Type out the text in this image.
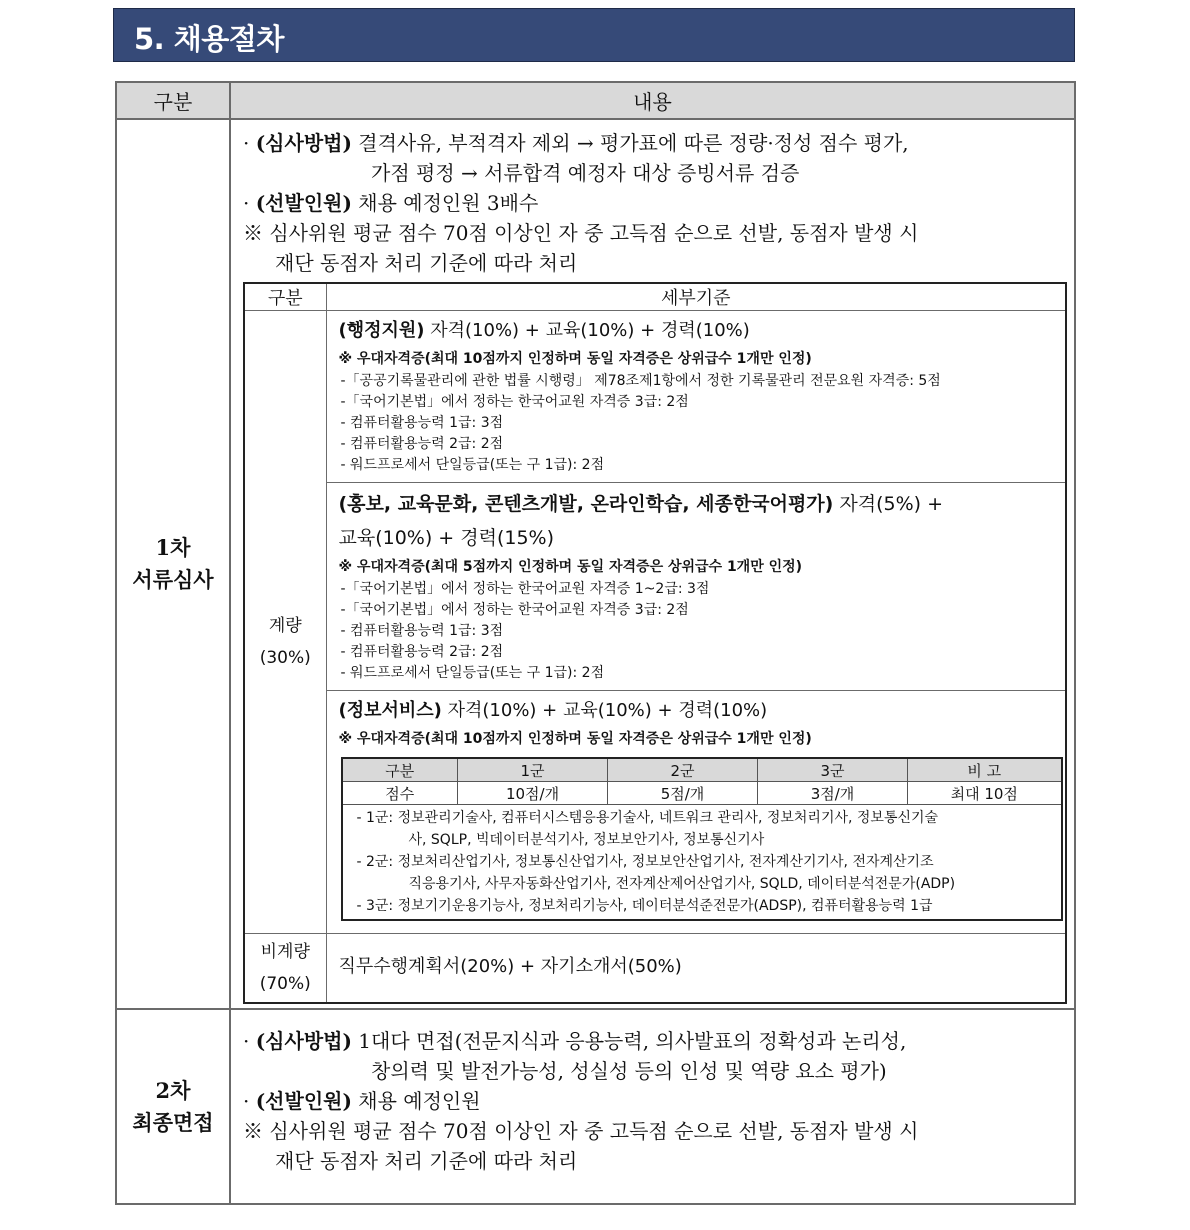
5. 채용절차
구분	내용

1차
서류심사

· (심사방법) 결격사유, 부적격자 제외 → 평가표에 따른 정량·정성 점수 평가,
가점 평정 → 서류합격 예정자 대상 증빙서류 검증
· (선발인원) 채용 예정인원 3배수
※ 심사위원 평균 점수 70점 이상인 자 중 고득점 순으로 선발, 동점자 발생 시
재단 동점자 처리 기준에 따라 처리
구분	세부기준

계량
(30%)

(행정지원) 자격(10%) + 교육(10%) + 경력(10%)
※ 우대자격증(최대 10점까지 인정하며 동일 자격증은 상위급수 1개만 인정)
-「공공기록물관리에 관한 법률 시행령」 제78조제1항에서 정한 기록물관리 전문요원 자격증: 5점
-「국어기본법」에서 정하는 한국어교원 자격증 3급: 2점
- 컴퓨터활용능력 1급: 3점
- 컴퓨터활용능력 2급: 2점
- 워드프로세서 단일등급(또는 구 1급): 2점

(홍보, 교육문화, 콘텐츠개발, 온라인학습, 세종한국어평가) 자격(5%) +
교육(10%) + 경력(15%)
※ 우대자격증(최대 5점까지 인정하며 동일 자격증은 상위급수 1개만 인정)
-「국어기본법」에서 정하는 한국어교원 자격증 1~2급: 3점
-「국어기본법」에서 정하는 한국어교원 자격증 3급: 2점
- 컴퓨터활용능력 1급: 3점
- 컴퓨터활용능력 2급: 2점
- 워드프로세서 단일등급(또는 구 1급): 2점

(정보서비스) 자격(10%) + 교육(10%) + 경력(10%)
※ 우대자격증(최대 10점까지 인정하며 동일 자격증은 상위급수 1개만 인정)
구분	1군	2군	3군	비 고
점수	10점/개	5점/개	3점/개	최대 10점

- 1군: 정보관리기술사, 컴퓨터시스템응용기술사, 네트워크 관리사, 정보처리기사, 정보통신기술
사, SQLP, 빅데이터분석기사, 정보보안기사, 정보통신기사
- 2군: 정보처리산업기사, 정보통신산업기사, 정보보안산업기사, 전자계산기기사, 전자계산기조
직응용기사, 사무자동화산업기사, 전자계산제어산업기사, SQLD, 데이터분석전문가(ADP)
- 3군: 정보기기운용기능사, 정보처리기능사, 데이터분석준전문가(ADSP), 컴퓨터활용능력 1급

비계량
(70%)

직무수행계획서(20%) + 자기소개서(50%)

2차
최종면접

· (심사방법) 1대다 면접(전문지식과 응용능력, 의사발표의 정확성과 논리성,
창의력 및 발전가능성, 성실성 등의 인성 및 역량 요소 평가)
· (선발인원) 채용 예정인원
※ 심사위원 평균 점수 70점 이상인 자 중 고득점 순으로 선발, 동점자 발생 시
재단 동점자 처리 기준에 따라 처리
